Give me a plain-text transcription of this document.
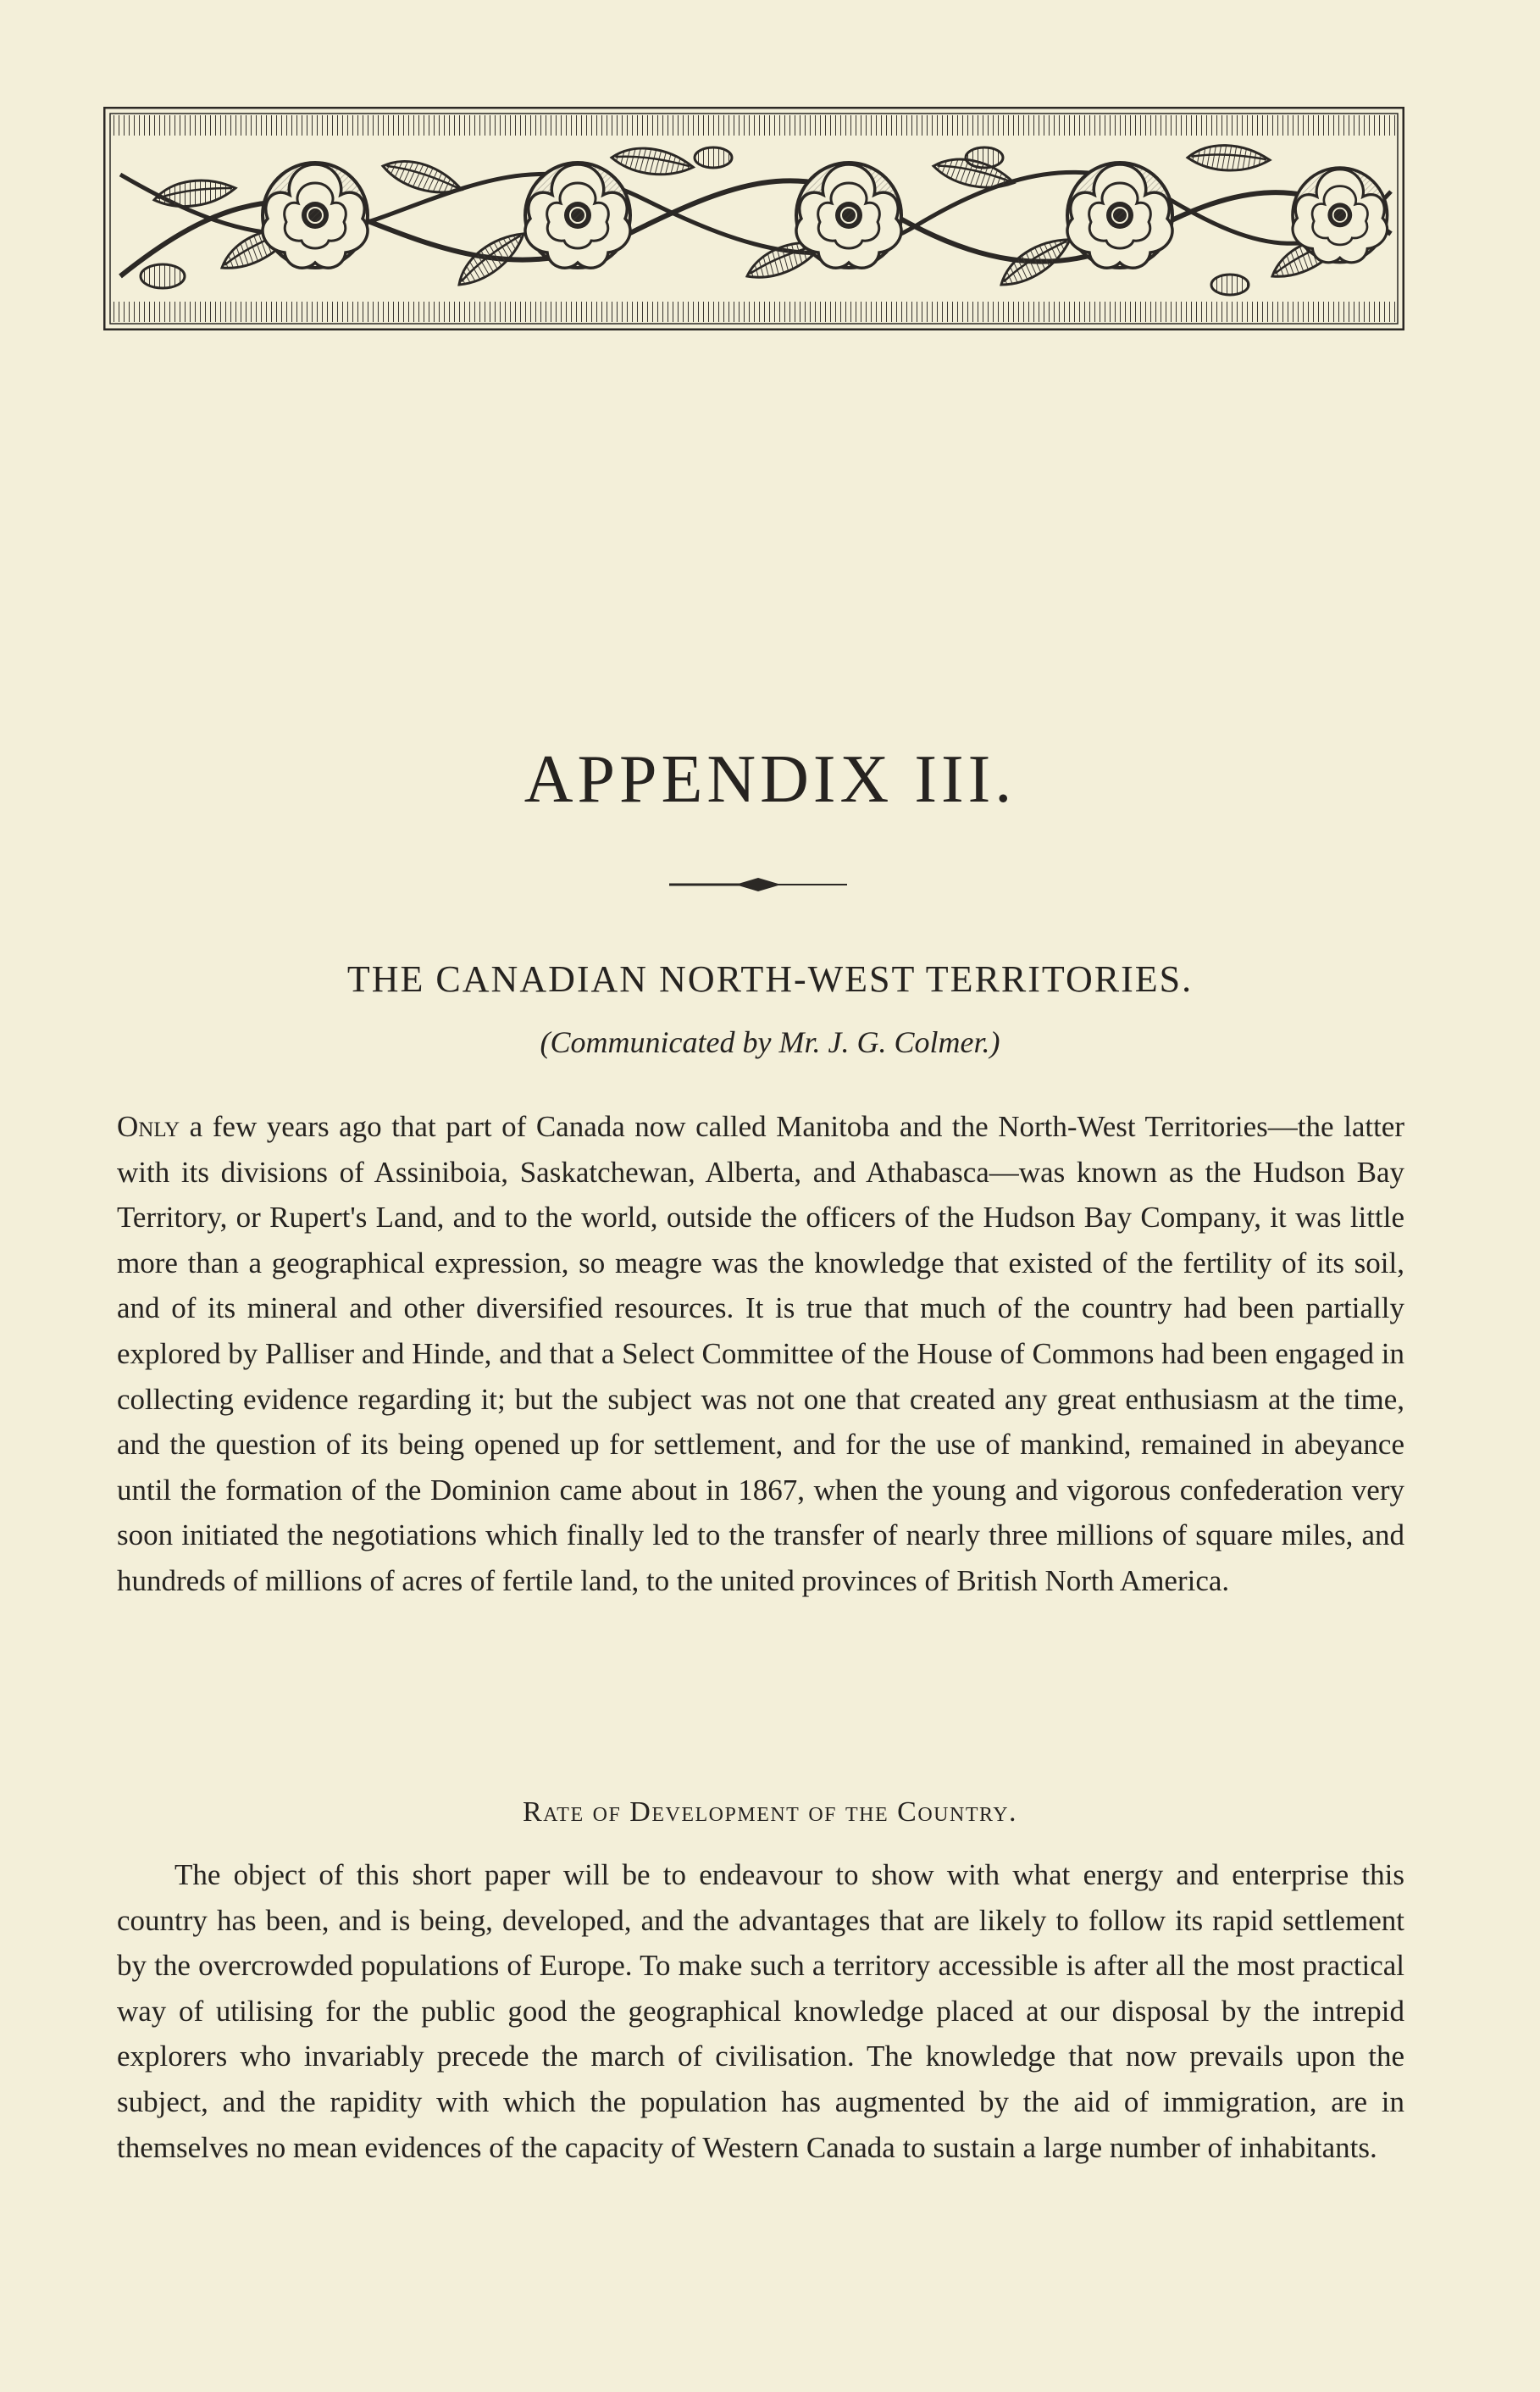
APPENDIX III.
THE CANADIAN NORTH-WEST TERRITORIES.
(Communicated by Mr. J. G. Colmer.)

Only a few years ago that part of Canada now called Manitoba and the North-West Territories—the latter with its divisions of Assiniboia, Saskatchewan, Alberta, and Athabasca—was known as the Hudson Bay Territory, or Rupert's Land, and to the world, outside the officers of the Hudson Bay Company, it was little more than a geographical expression, so meagre was the knowledge that existed of the fertility of its soil, and of its mineral and other diversified resources. It is true that much of the country had been partially explored by Palliser and Hinde, and that a Select Committee of the House of Commons had been engaged in collecting evidence regarding it; but the subject was not one that created any great enthusiasm at the time, and the question of its being opened up for settlement, and for the use of mankind, remained in abeyance until the formation of the Dominion came about in 1867, when the young and vigorous confederation very soon initiated the negotiations which finally led to the transfer of nearly three millions of square miles, and hundreds of millions of acres of fertile land, to the united provinces of British North America.

Rate of Development of the Country.

The object of this short paper will be to endeavour to show with what energy and enterprise this country has been, and is being, developed, and the advantages that are likely to follow its rapid settlement by the overcrowded populations of Europe. To make such a territory accessible is after all the most practical way of utilising for the public good the geographical knowledge placed at our disposal by the intrepid explorers who invariably precede the march of civilisation. The knowledge that now prevails upon the subject, and the rapidity with which the population has augmented by the aid of immigration, are in themselves no mean evidences of the capacity of Western Canada to sustain a large number of inhabitants.
